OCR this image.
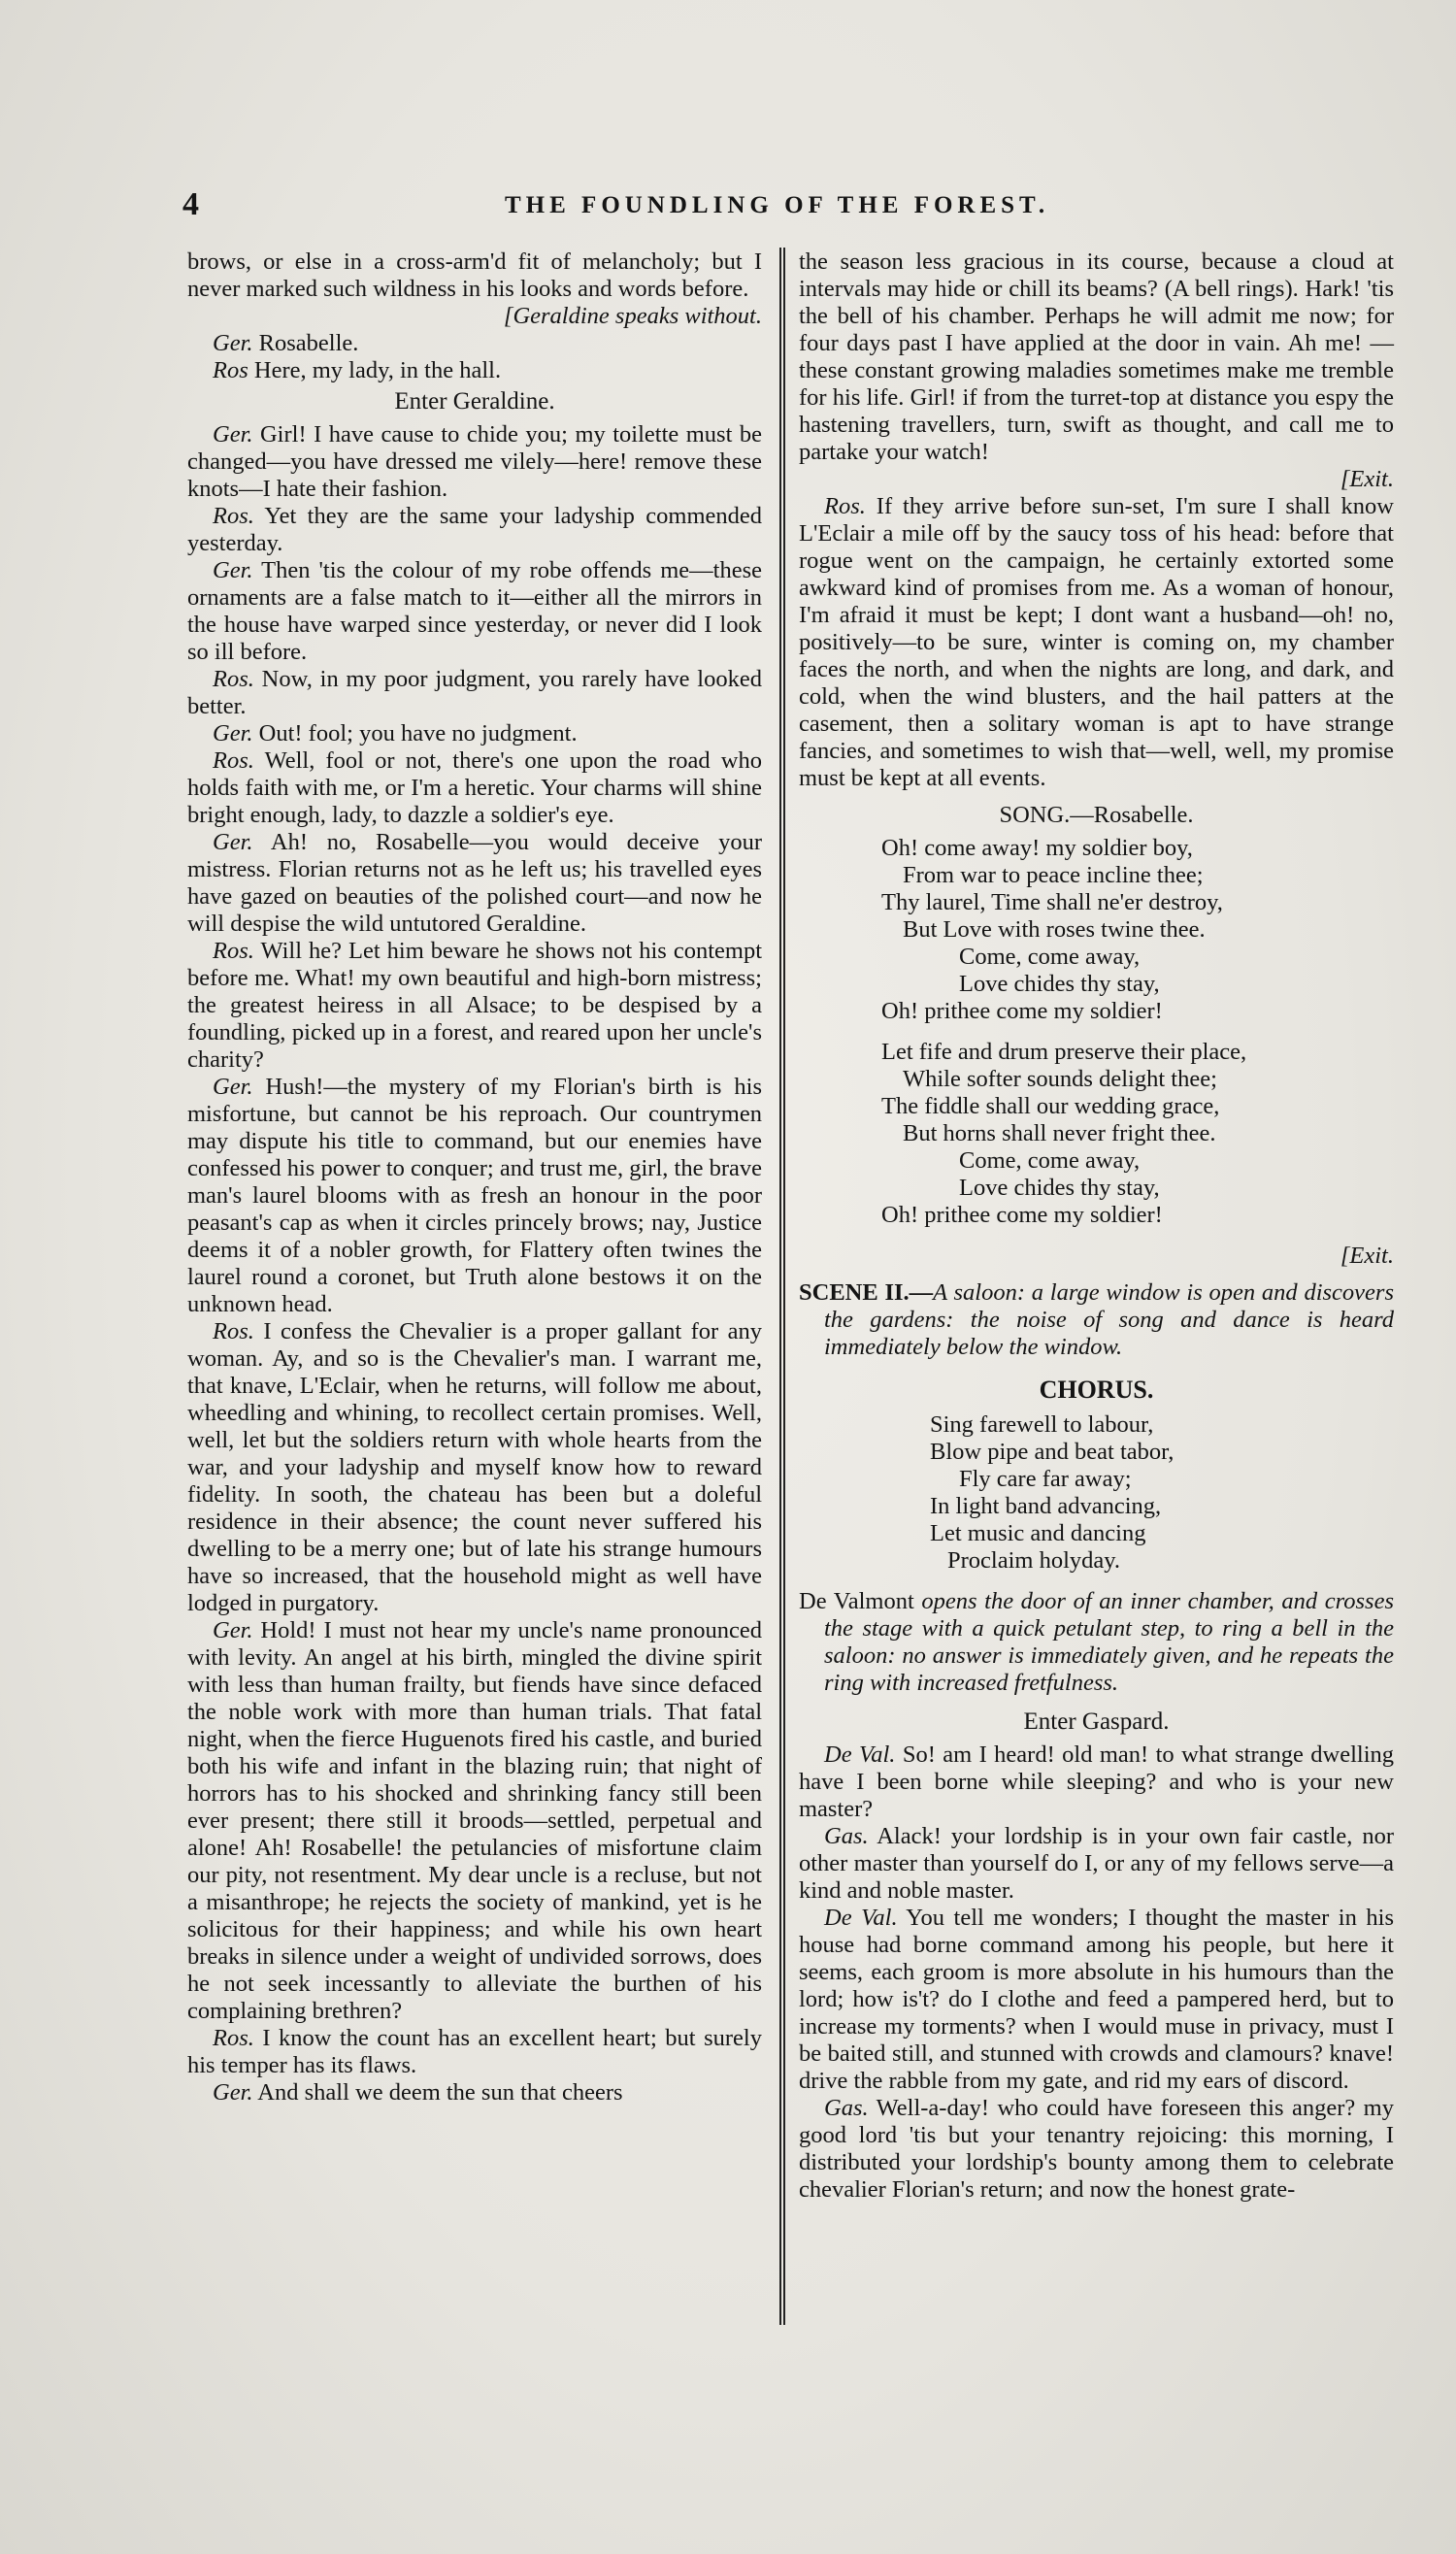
4	THE FOUNDLING OF THE FOREST.

brows, or else in a cross-arm'd fit of melancholy; but I never marked such wildness in his looks and words before.

[Geraldine speaks without.

Ger. Rosabelle.

Ros Here, my lady, in the hall.

Enter Geraldine.

Ger. Girl! I have cause to chide you; my toilette must be changed—you have dressed me vilely—here! remove these knots—I hate their fashion.

Ros. Yet they are the same your ladyship commended yesterday.

Ger. Then 'tis the colour of my robe offends me—these ornaments are a false match to it—either all the mirrors in the house have warped since yesterday, or never did I look so ill before.

Ros. Now, in my poor judgment, you rarely have looked better.

Ger. Out! fool; you have no judgment.

Ros. Well, fool or not, there's one upon the road who holds faith with me, or I'm a heretic. Your charms will shine bright enough, lady, to dazzle a soldier's eye.

Ger. Ah! no, Rosabelle—you would deceive your mistress. Florian returns not as he left us; his travelled eyes have gazed on beauties of the polished court—and now he will despise the wild untutored Geraldine.

Ros. Will he? Let him beware he shows not his contempt before me. What! my own beautiful and high-born mistress; the greatest heiress in all Alsace; to be despised by a foundling, picked up in a forest, and reared upon her uncle's charity?

Ger. Hush!—the mystery of my Florian's birth is his misfortune, but cannot be his reproach. Our countrymen may dispute his title to command, but our enemies have confessed his power to conquer; and trust me, girl, the brave man's laurel blooms with as fresh an honour in the poor peasant's cap as when it circles princely brows; nay, Justice deems it of a nobler growth, for Flattery often twines the laurel round a coronet, but Truth alone bestows it on the unknown head.

Ros. I confess the Chevalier is a proper gallant for any woman. Ay, and so is the Chevalier's man. I warrant me, that knave, L'Eclair, when he returns, will follow me about, wheedling and whining, to recollect certain promises. Well, well, let but the soldiers return with whole hearts from the war, and your ladyship and myself know how to reward fidelity. In sooth, the chateau has been but a doleful residence in their absence; the count never suffered his dwelling to be a merry one; but of late his strange humours have so increased, that the household might as well have lodged in purgatory.

Ger. Hold! I must not hear my uncle's name pronounced with levity. An angel at his birth, mingled the divine spirit with less than human frailty, but fiends have since defaced the noble work with more than human trials. That fatal night, when the fierce Huguenots fired his castle, and buried both his wife and infant in the blazing ruin; that night of horrors has to his shocked and shrinking fancy still been ever present; there still it broods—settled, perpetual and alone! Ah! Rosabelle! the petulancies of misfortune claim our pity, not resentment. My dear uncle is a recluse, but not a misanthrope; he rejects the society of mankind, yet is he solicitous for their happiness; and while his own heart breaks in silence under a weight of undivided sorrows, does he not seek incessantly to alleviate the burthen of his complaining brethren?

Ros. I know the count has an excellent heart; but surely his temper has its flaws.

Ger. And shall we deem the sun that cheers

the season less gracious in its course, because a cloud at intervals may hide or chill its beams? (A bell rings). Hark! 'tis the bell of his chamber. Perhaps he will admit me now; for four days past I have applied at the door in vain. Ah me! —these constant growing maladies sometimes make me tremble for his life. Girl! if from the turret-top at distance you espy the hastening travellers, turn, swift as thought, and call me to partake your watch!

[Exit.

Ros. If they arrive before sun-set, I'm sure I shall know L'Eclair a mile off by the saucy toss of his head: before that rogue went on the campaign, he certainly extorted some awkward kind of promises from me. As a woman of honour, I'm afraid it must be kept; I dont want a husband—oh! no, positively—to be sure, winter is coming on, my chamber faces the north, and when the nights are long, and dark, and cold, when the wind blusters, and the hail patters at the casement, then a solitary woman is apt to have strange fancies, and sometimes to wish that—well, well, my promise must be kept at all events.

SONG.—Rosabelle.

Oh! come away! my soldier boy,
From war to peace incline thee;
Thy laurel, Time shall ne'er destroy,
But Love with roses twine thee.
Come, come away,
Love chides thy stay,
Oh! prithee come my soldier!

Let fife and drum preserve their place,
While softer sounds delight thee;
The fiddle shall our wedding grace,
But horns shall never fright thee.
Come, come away,
Love chides thy stay,
Oh! prithee come my soldier!

[Exit.

SCENE II.—A saloon: a large window is open and discovers the gardens: the noise of song and dance is heard immediately below the window.

CHORUS.

Sing farewell to labour,
Blow pipe and beat tabor,
Fly care far away;
In light band advancing,
Let music and dancing
Proclaim holyday.

De Valmont opens the door of an inner chamber, and crosses the stage with a quick petulant step, to ring a bell in the saloon: no answer is immediately given, and he repeats the ring with increased fretfulness.

Enter Gaspard.

De Val. So! am I heard! old man! to what strange dwelling have I been borne while sleeping? and who is your new master?

Gas. Alack! your lordship is in your own fair castle, nor other master than yourself do I, or any of my fellows serve—a kind and noble master.

De Val. You tell me wonders; I thought the master in his house had borne command among his people, but here it seems, each groom is more absolute in his humours than the lord; how is't? do I clothe and feed a pampered herd, but to increase my torments? when I would muse in privacy, must I be baited still, and stunned with crowds and clamours? knave! drive the rabble from my gate, and rid my ears of discord.

Gas. Well-a-day! who could have foreseen this anger? my good lord 'tis but your tenantry rejoicing: this morning, I distributed your lordship's bounty among them to celebrate chevalier Florian's return; and now the honest grate-
